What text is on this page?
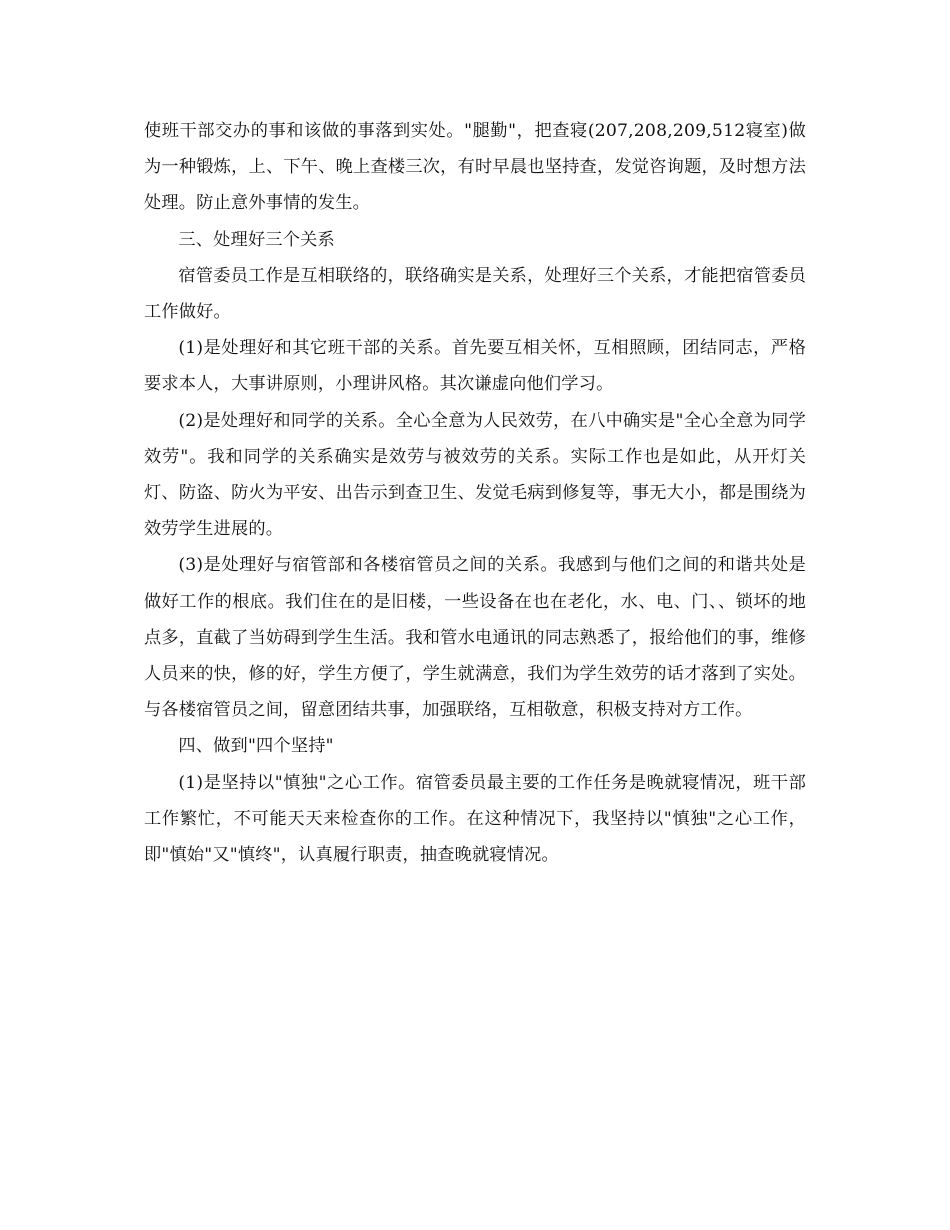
使班干部交办的事和该做的事落到实处。"腿勤"，把查寝(207,208,209,512寝室)做为一种锻炼，上、下午、晚上查楼三次，有时早晨也坚持查，发觉咨询题，及时想方法处理。防止意外事情的发生。

三、处理好三个关系

宿管委员工作是互相联络的，联络确实是关系，处理好三个关系，才能把宿管委员工作做好。

(1)是处理好和其它班干部的关系。首先要互相关怀，互相照顾，团结同志，严格要求本人，大事讲原则，小理讲风格。其次谦虚向他们学习。

(2)是处理好和同学的关系。全心全意为人民效劳，在八中确实是"全心全意为同学效劳"。我和同学的关系确实是效劳与被效劳的关系。实际工作也是如此，从开灯关灯、防盗、防火为平安、出告示到查卫生、发觉毛病到修复等，事无大小，都是围绕为效劳学生进展的。

(3)是处理好与宿管部和各楼宿管员之间的关系。我感到与他们之间的和谐共处是做好工作的根底。我们住在的是旧楼，一些设备在也在老化，水、电、门、、锁坏的地点多，直截了当妨碍到学生生活。我和管水电通讯的同志熟悉了，报给他们的事，维修人员来的快，修的好，学生方便了，学生就满意，我们为学生效劳的话才落到了实处。与各楼宿管员之间，留意团结共事，加强联络，互相敬意，积极支持对方工作。

四、做到"四个坚持"

(1)是坚持以"慎独"之心工作。宿管委员最主要的工作任务是晚就寝情况，班干部工作繁忙，不可能天天来检查你的工作。在这种情况下，我坚持以"慎独"之心工作，即"慎始"又"慎终"，认真履行职责，抽查晚就寝情况。
